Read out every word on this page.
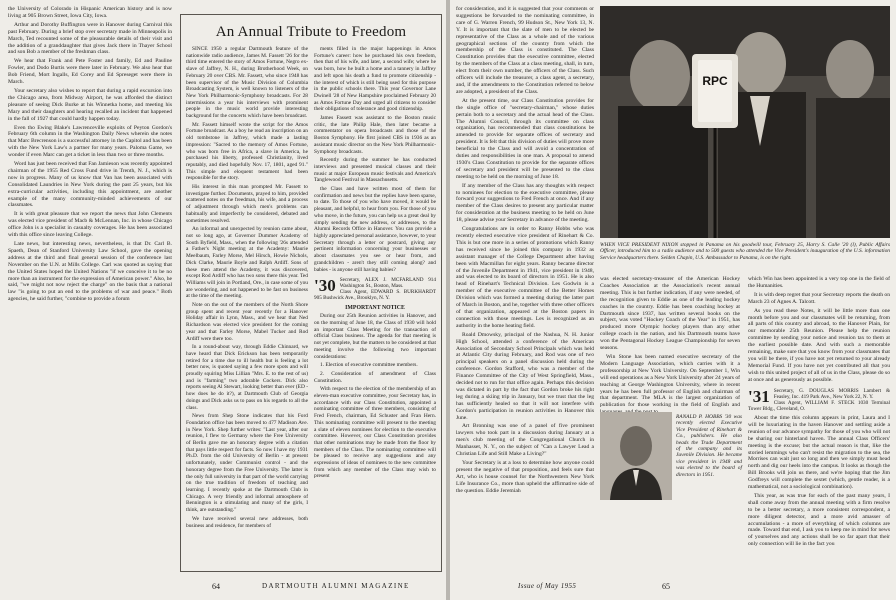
the University of Colorado in Hispanic American history and is now living at 905 Brown Street, Iowa City, Iowa.

Arthur and Dorothy Buffington were in Hanover during Carnival this past February. During a brief stop over secretary made in Minneapolis in March, Ted recounted some of the pleasurable details of their visit and the addition of a granddaughter that gives Jack there in Thayer School and son Bob a member of the freshman class.

We hear that Frank and Pete Foster and family, Ed and Pauline Fowler, and Dodo Burtis were there later in February. We also hear that Bob Friend, Mort Ingalls, Ed Corey and Ed Spreseget were there in March.

Your secretary also wishes to report that during a rapid excursion into the Chicago area, from Midway Airport, he was afforded the distinct pleasure of seeing Dick Burke at his Winnetka home, and meeting his Mary and their daughters and hearing recalled an incident that happened in the fall of 1927 that could hardly happen today.

Even tho Ewing Blake's Lawrenceville exploits of Peyton Gordon's February 6th column in the Washington Daily News wherein she notes that Marc Brecrenson is a successful attorney in the Capitol and has been with the New York Law's a partner for many years. Paloma Game, we wonder if even Marc can get a ticket in less than two or three months.

Word has just been received that Fan Jamieson was recently appointed chairman of the 1955 Red Cross Fund drive in Trenth, N. J., which is now in progress. Many of us know that Van has been associated with Consolidated Laundries in New York during the past 25 years, but his extra-curricular activities, including this appointment, are another example of the many community-minded achievements of our classmates.

It is with great pleasure that we report the news that John Clements was elected vice president of Macb & McLennan, Inc. in whose Chicago office John is a specialist in casualty coverages. He has been associated with this office since leaving College.

Late news, but interesting news, nevertheless, is that Dr. Carl B. Spaeth, Dean of Stanford University Law School, gave the opening address at the third and final general session of the conference last November on the U.N. at Mills College. Carl was quoted as saying that the United States hoped the United Nations "if we conceive it to be no more than an instrument for the expression of American power." Also, he said, "we might not now reject the charge" on the basis that a national law "is going to put an end to the problems of war and peace." Both agencies, he said further, "combine to provide a forum

An Annual Tribute to Freedom

SINCE 1950 a regular Dartmouth feature of the nationwide radio audience, James M. Fassett '26 for the third time entered the story of Amos Fortune, Negro ex-slave of Jaffrey, N. H., during Brotherhood Week, on February 20 over CBS. Mr. Fassett, who since 1948 has been supervisor of the Music Division of Columbia Broadcasting System, is well known to listeners of the New York Philharmonic-Symphony broadcasts. For 28 intermissions a year his interviews with prominent people in the music world provide interesting background for the concerts which have been broadcast.

Mr. Fassett himself wrote the script for the Amos Fortune broadcast. As a boy he read an inscription on an old tombstone in Jaffrey, which made a lasting impression: "Sacred to the memory of Amos Fortune, who was born free in Africa, a slave in America, he purchased his liberty, professed Christianity, lived reputably, and died hopefully Nov. 17, 1801, aged 91." This simple and eloquent testament had been responsible for the story.

His interest in this man prompted Mr. Fassett to investigate further. Documents, prayed to him, provided scattered notes on the freedman, his wife, and a process of adjustment through which men's problems can habitually and imperfectly be considered, debated and sometimes resolved.

An informal and unexpected by reunion came about, not so long ago, at Governor Dummer Academy of South Byfield, Mass., when the following '26s attended a Father's Night meeting at the Academy: Maurie Meelbaum, Farley Morse, Mel Hirsch, Howie Nichols, Dick Clarke, Maurie Boyle and Ralph Ardiff. Sons of these men attend the Academy, it was discovered, except Rod Ardiff who has two sons there this year. Ted Williams will join in Portland, Ore., in case some of you are wondering, and not happened to be fast on business at the time of the meeting.

Note on the out of the members of the North Shore group spent and recent year recently for a Hanover Holiday affair in Lynn, Mass., and we hear that Ned Richardson was elected vice president for the coming year and that Farley Morse, Mabel Tucker and Rod Ardiff were there too.

In a round-about way, through Eddie Chinnard, we have heard that Dick Erickson has been temporarily retired for a time due to ill health but is feeling a lot better now, is quoted saying a few more spots and will proudly squiring Miss Lillian "Mrs. E. to the rest of us) and is "farming" two adorable Cockers. Dick also reports seeing Al Stewart, looking better than ever (ED - how does he do it?), at Dartmouth Club of Georgia doings and Dick asks us to pass on his regards to all the class.

News from Shep Stone indicates that his Ford Foundation office has been moved to 477 Madison Ave. in New York. Shep further writes: "Last year, after our reunion, I flew to Germany where the Free University of Berlin gave me an honorary degree with a citation that pays little respect for facts. So now I have my 1931 Ph.D. from the old University of Berlin - at present unfortunately, under Communist control - and the honorary degree from the Free University. The latter is the only full university in that part of the world carrying on the true tradition of freedom of teaching and learning. I recently spoke at the Dartmouth Club in Chicago. A very friendly and informal atmosphere of Bennington is a stimulating and many of the girls, I think, are outstanding."

We have received several new addresses, both business and residence, for members of

ments filled in the major happenings in Amos Fortune's career: how he purchased his own freedom, then that of his wife, and later, a second wife; where he was born, how he built a home and a tannery in Jaffrey and left upon his death a fund to promote citizenship - the interest of which is still being used for this purpose in the public schools there. This year Governor Lane Dwinell '28 of New Hampshire proclaimed February 20 as Amos Fortune Day and urged all citizens to consider their obligations of tolerance and good citizenship.

James Fassett was assistant to the Boston music critic, the late Philip Hale, then later became a commentator on opera broadcasts and those of the Boston Symphony. He first joined CBS in 1936 as an assistant music director on the New York Philharmonic-Symphony broadcasts.

Recently during the summer he has conducted interviews and presented musical classes and their music at major European music festivals and America's Tanglewood Festival in Massachusetts.

the Class and have written most of them for confirmation and news but the replies have been sparse, to date. To those of you who have moved, it would be pleasant, and helpful, to hear from you. For those of you who move, in the future, you can help us a great deal by simply sending the new address, or addresses, to the Alumni Records Office in Hanover. You can provide a highly appreciated personal assistance, however, to your Secretary through a letter or postcard, giving any pertinent information concerning your businesses or about classmates you see or hear from, and grandchildren - aren't they still coming along? and babies - is anyone still having babies?

'30 Secretary, ALEX J. MCFARLAND 914 Washington St., Boston, Mass.
Class Agent, EDWARD S. BURKHARDT 905 Bushwick Ave., Brooklyn, N. Y.
IMPORTANT NOTICE

During our 25th Reunion activities in Hanover, and on the morning of June 18, the Class of 1930 will hold an important Class Meeting for the transaction of official Class business. The agenda for that meeting is not yet complete, but the matters to be considered at that meeting involve the following two important considerations:

1. Election of executive committee members.

2. Consideration of amendment of Class Constitution.

With respect to the election of the membership of an eleven-man executive committee, your Secretary has, in accordance with our Class Constitution, appointed a nominating committee of three members, consisting of Fred French, chairman, Ed Schuster and Fran Hern. This nominating committee will present to the meeting a slate of eleven nominees for election to the executive committee. However, our Class Constitution provides that other nominations may be made from the floor by members of the Class. The nominating committee will be pleased to receive any suggestions and any expressions of ideas of nominees to the new committee from which any member of the Class may wish to present

64	DARTMOUTH ALUMNI MAGAZINE

for consideration, and it is suggested that your comments or suggestions be forwarded to the nominating committee, in care of G. Warren French, 99 Hudson St., New York 13, N. Y. It is important that the slate of men to be elected be representative of the Class as a whole and of the various geographical sections of the country from which the membership of the Class is constituted. The Class Constitution provides that the executive committee, elected by the members of the Class at a class meeting, shall, in turn, elect from their own number, the officers of the Class. Such officers will include the treasurer, a class agent, a secretary, and, if the amendments to the Constitution referred to below are adopted, a president of the Class.

At the present time, our Class Constitution provides for the single office of "secretary-chairman," whose duties pertain both to a secretary and the actual head of the Class. The Alumni Council, through its committee on class organization, has recommended that class constitutions be amended to provide for separate offices of secretary and president. It is felt that this division of duties will prove more beneficial to the Class and will avoid a concentration of duties and responsibilities in one man. A proposal to amend 1930's Class Constitution to provide for the separate offices of secretary and president will be presented to the class meeting to be held on the morning of June 18.

If any member of the Class has any thoughts with respect to nominees for election to the executive committee, please forward your suggestions to Fred French at once. And if any member of the Class desires to present any particular matter for consideration at the business meeting to be held on June 18, please advise your Secretary in advance of the meeting.

Congratulations are in order to Ranny Hobbs who was recently elected executive vice president of Rinehart & Co. This is but one more in a series of promotions which Ranny has received since he joined this company in 1932 as assistant manager of the College Department after having been with Macmillan for eight years. Ranny became director of the Juvenile Department in 1941, vice president in 1948, and was elected to its board of directors in 1951. He is also head of Rinehart's Technical Division. Les Godwin is a member of the executive committee of the Better Homes Division which was formed a meeting during the latter part of March in Boston, and he, together with three other officers of that organization, appeared at the Boston papers in connection with those meetings. Les is recognized as an authority in the home heating field.

Roald Dmowsky, principal of the Nashua, N. H. Junior High School, attended a conference of the American Association of Secondary School Principals which was held at Atlantic City during February, and Rod was one of two principal speakers on a panel discussion held during the conference. Gordon Stafford, who was a member of the Finance Committee of the City of West Springfield, Mass., decided not to run for that office again. Perhaps this decision was dictated in part by the fact that Gordon broke his right leg during a skiing trip in January, but we trust that the leg has sufficiently healed so that it will not interfere with Gordon's participation in reunion activities in Hanover this June.

Art Bronning was one of a panel of five prominent lawyers who took part in a discussion during January at a men's club meeting of the Congregational Church in Manhasset, N. Y., on the subject of "Can a Lawyer Lead a Christian Life and Still Make a Living?"

Your Secretary is at a loss to determine how anyone could present the negative of that proposition, and feels sure that Art, who is house counsel for the Northwestern New York Life Insurance Co., more than upheld the affirmative side of the question. Eddie Jeremiah

RPC
WHEN VICE PRESIDENT NIXON stopped in Panama on his goodwill tour, February 25, Harry S. Calle '20 (l), Public Affairs Officer, introduced him to a radio audience and to 500 guests who attended the Vice President's inauguration of the U.S. information Service headquarters there. Selden Chapin, U.S. Ambassador to Panama, is on the right.

was elected secretary-treasurer of the American Hockey Coaches Association at the Association's recent annual meeting. This is but further indication, if any were needed, of the recognition given to Eddie as one of the leading hockey coaches in the country. Eddie has been coaching hockey at Dartmouth since 1937, has written several books on the subject, was voted "Hockey Coach of the Year" in 1951, has produced more Olympic hockey players than any other college coach in the nation, and his Dartmouth teams have won the Pentagonal Hockey League Championship for seven seasons.

Win Stone has been named executive secretary of the Modern Language Association, which carries with it a professorship at New York University. On September 1, Win will end operations as a New York University after 24 years of teaching at George Washington University, where in recent years he has been full professor of English and chairman of that department. The MLA is the largest organization of publication for those working in the field of English and

RANALD P. HOBBS '30 was recently elected Executive Vice President of Rinehart & Co., publishers. He also heads the Trade Department of the company and its Juvenile Division. He became vice president in 1948 and was elected to the board of directors in 1951.

which Win has been appointed is a very top one in the field of the Humanities.

It is with deep regret that your Secretary reports the death on March 23 of Agnes A. Talcott.

As you read these Notes, it will be little more than one month before you and our classmates will be returning, from all parts of this country and abroad, to the Hanover Plain, for our memorable 25th Reunion. Please help the reunion committee by sending your notice and reunion tax to them at the earliest possible date. And with such a memorable remaining, make sure that you know from your classmates that you will be there, if you have not yet returned to your already Memorial Fund. If you have not yet contributed all that you wish to this united project of all of us in the Class, please do so at once and as generously as possible.

'31 Secretary, G. DOUGLAS MORRIS Lambert & Feasley, Inc. 419 Park Ave., New York 22, N. Y.
Class Agent, WILLIAM F. STECK 1030 Terminal Tower Bldg., Cleveland, O.

About the time this column appears in print, Laura and I will be luxuriating in the haven Hanover and settling aside a reunion of our advance sympathy for those of you who will not be sharing our hinterland haven. The annual Class Officers' meeting is the excuse; but the actual reason is that, like the storied lemmings who can't resist the migration to the sea, the Morrises can wait just so long and then we simply must head north and dig our heels into the campus. It looks as though the Bill Brooks will join us there, and we're hoping that the Jim Godfreys will complete the sextet (which, gentle reader, is a mathematical, not a sociological combination).

This year, as was true for each of the past many years, I shall come away from the annual meeting with a firm resolve to be a better secretary, a more consistent correspondent, a more diligent detector, and a more avid amasser of accumulations - a more of everything of which columns are made. Toward that end, I ask you to keep me in mind for news of yourselves and any actions shall be so far apart that their only connection will lie in the fact you

Issue of May 1955	65
